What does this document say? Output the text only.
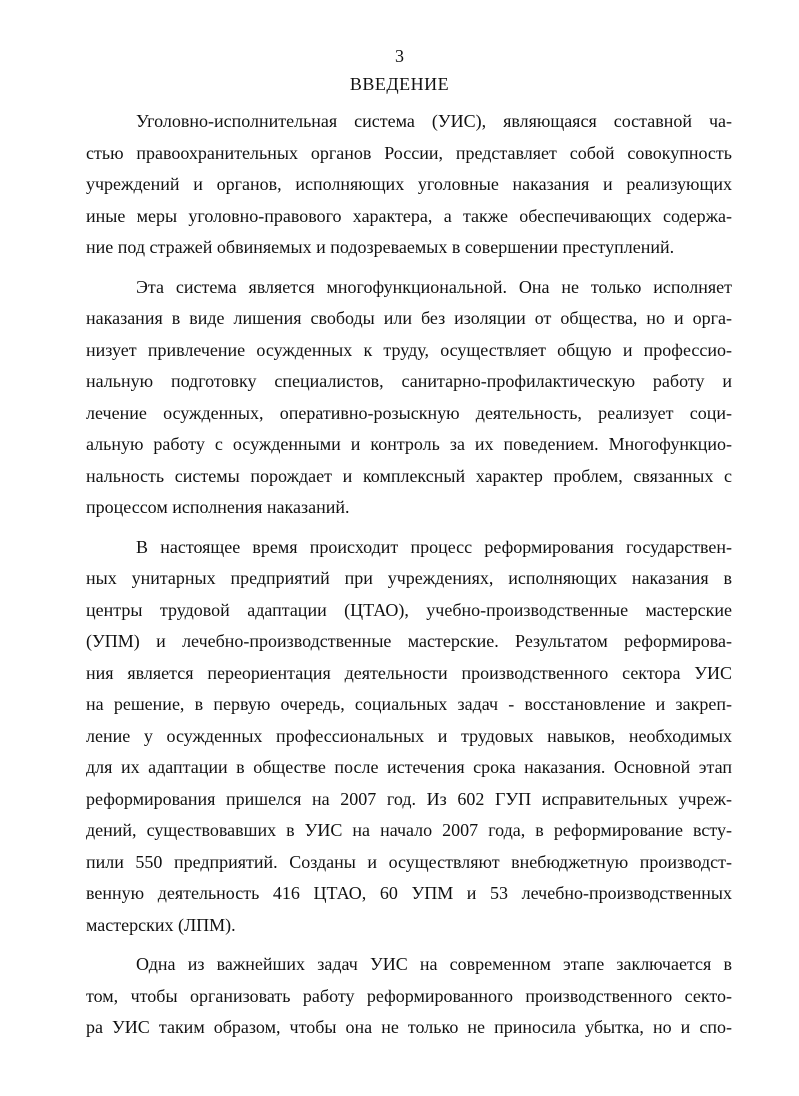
3
ВВЕДЕНИЕ
Уголовно-исполнительная система (УИС), являющаяся составной ча-
стью правоохранительных органов России, представляет собой совокупность
учреждений и органов, исполняющих уголовные наказания и реализующих
иные меры уголовно-правового характера, а также обеспечивающих содержа-
ние под стражей обвиняемых и подозреваемых в совершении преступлений.
Эта система является многофункциональной. Она не только исполняет
наказания в виде лишения свободы или без изоляции от общества, но и орга-
низует привлечение осужденных к труду, осуществляет общую и профессио-
нальную подготовку специалистов, санитарно-профилактическую работу и
лечение осужденных, оперативно-розыскную деятельность, реализует соци-
альную работу с осужденными и контроль за их поведением. Многофункцио-
нальность системы порождает и комплексный характер проблем, связанных с
процессом исполнения наказаний.
В настоящее время происходит процесс реформирования государствен-
ных унитарных предприятий при учреждениях, исполняющих наказания в
центры трудовой адаптации (ЦТАО), учебно-производственные мастерские
(УПМ) и лечебно-производственные мастерские. Результатом реформирова-
ния является переориентация деятельности производственного сектора УИС
на решение, в первую очередь, социальных задач - восстановление и закреп-
ление у осужденных профессиональных и трудовых навыков, необходимых
для их адаптации в обществе после истечения срока наказания. Основной этап
реформирования пришелся на 2007 год. Из 602 ГУП исправительных учреж-
дений, существовавших в УИС на начало 2007 года, в реформирование всту-
пили 550 предприятий. Созданы и осуществляют внебюджетную производст-
венную деятельность 416 ЦТАО, 60 УПМ и 53 лечебно-производственных
мастерских (ЛПМ).
Одна из важнейших задач УИС на современном этапе заключается в
том, чтобы организовать работу реформированного производственного секто-
ра УИС таким образом, чтобы она не только не приносила убытка, но и спо-
